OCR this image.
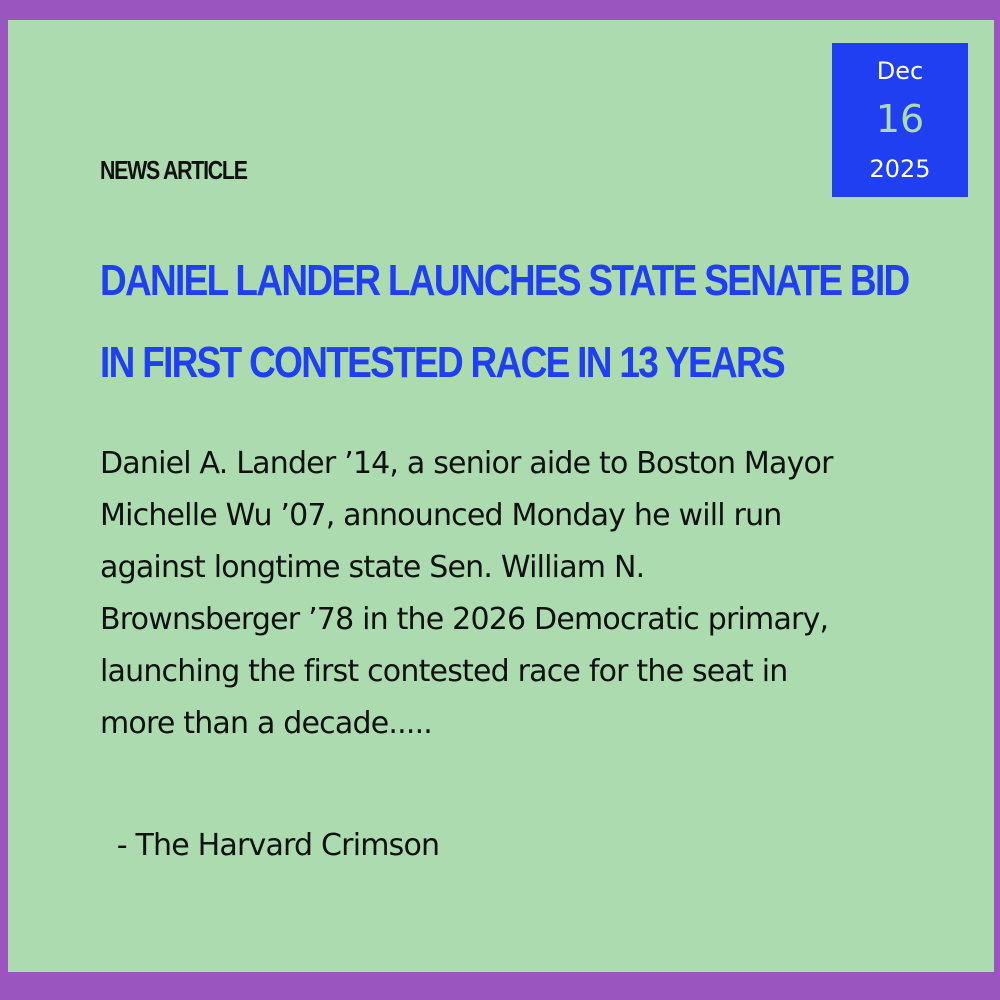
Dec
16
2025
NEWS ARTICLE
DANIEL LANDER LAUNCHES STATE SENATE BID
IN FIRST CONTESTED RACE IN 13 YEARS

Daniel A. Lander ’14, a senior aide to Boston Mayor
Michelle Wu ’07, announced Monday he will run
against longtime state Sen. William N.
Brownsberger ’78 in the 2026 Democratic primary,
launching the first contested race for the seat in
more than a decade.....

- The Harvard Crimson
